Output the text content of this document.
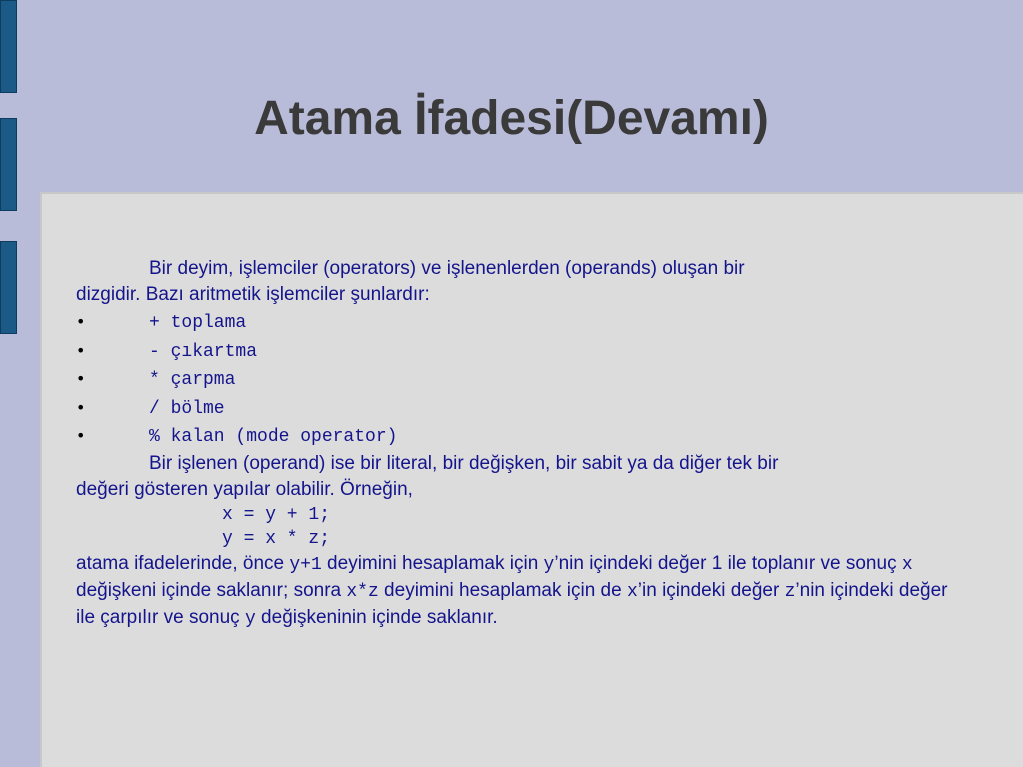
Atama İfadesi(Devamı)

Bir deyim, işlemciler (operators) ve işlenenlerden (operands) oluşan bir

dizgidir. Bazı aritmetik işlemciler şunlardır:

•	+ toplama
•	- çıkartma
•	* çarpma
•	/ bölme
•	% kalan (mode operator)

Bir işlenen (operand) ise bir literal, bir değişken, bir sabit ya da diğer tek bir

değeri gösteren yapılar olabilir. Örneğin,

x = y + 1;
y = x * z;

atama ifadelerinde, önce y+1 deyimini hesaplamak için y’nin içindeki değer 1 ile toplanır ve sonuç x değişkeni içinde saklanır; sonra x*z deyimini hesaplamak için de x’in içindeki değer z’nin içindeki değer ile çarpılır ve sonuç y değişkeninin içinde saklanır.
